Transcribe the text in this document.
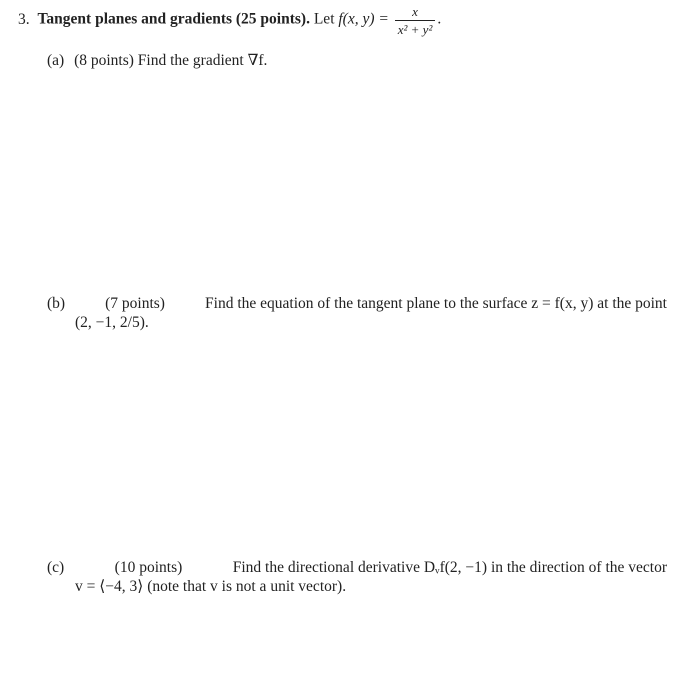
3. Tangent planes and gradients (25 points). Let f(x, $y) = \frac{x}{\text{x² + y²}}$ .
(a) (8 points) Find the gradient ∇f.
(b)	(7 points)	Find the equation of the tangent plane to the surface z = f(x, y) at the point
(2, −1, 2/5).
(c)	(10 points)	Find the directional derivative Dᵥf(2, −1) in the direction of the vector
v = ⟨−4, 3⟩ (note that v is not a unit vector).
